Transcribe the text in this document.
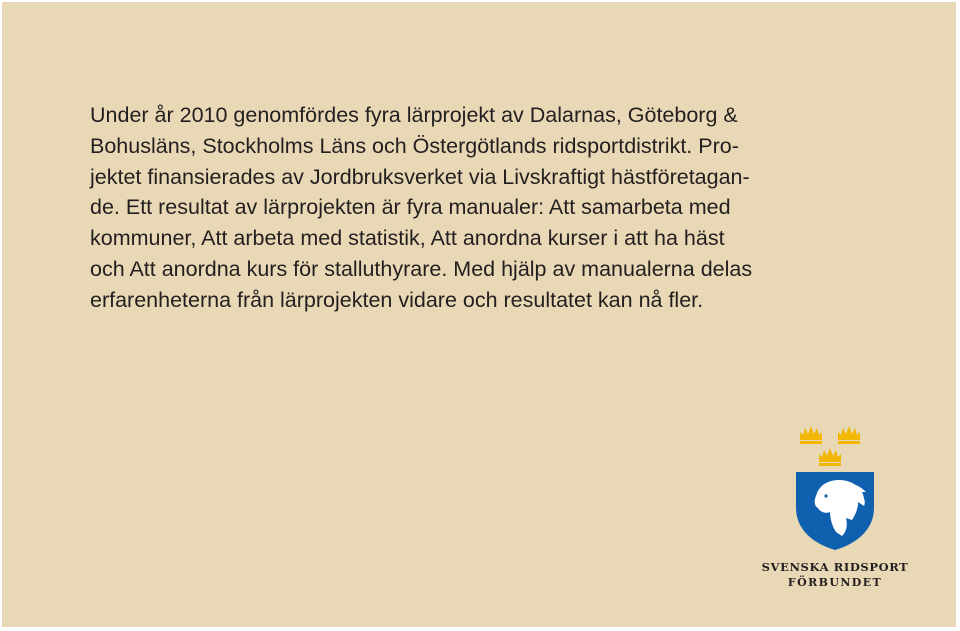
Under år 2010 genomfördes fyra lärprojekt av Dalarnas, Göteborg &
Bohusläns, Stockholms Läns och Östergötlands ridsportdistrikt. Pro-
jektet finansierades av Jordbruksverket via Livskraftigt hästföretagan-
de. Ett resultat av lärprojekten är fyra manualer: Att samarbeta med
kommuner, Att arbeta med statistik, Att anordna kurser i att ha häst
och Att anordna kurs för stalluthyrare. Med hjälp av manualerna delas
erfarenheterna från lärprojekten vidare och resultatet kan nå fler.

SVENSKA RIDSPORT
FÖRBUNDET
